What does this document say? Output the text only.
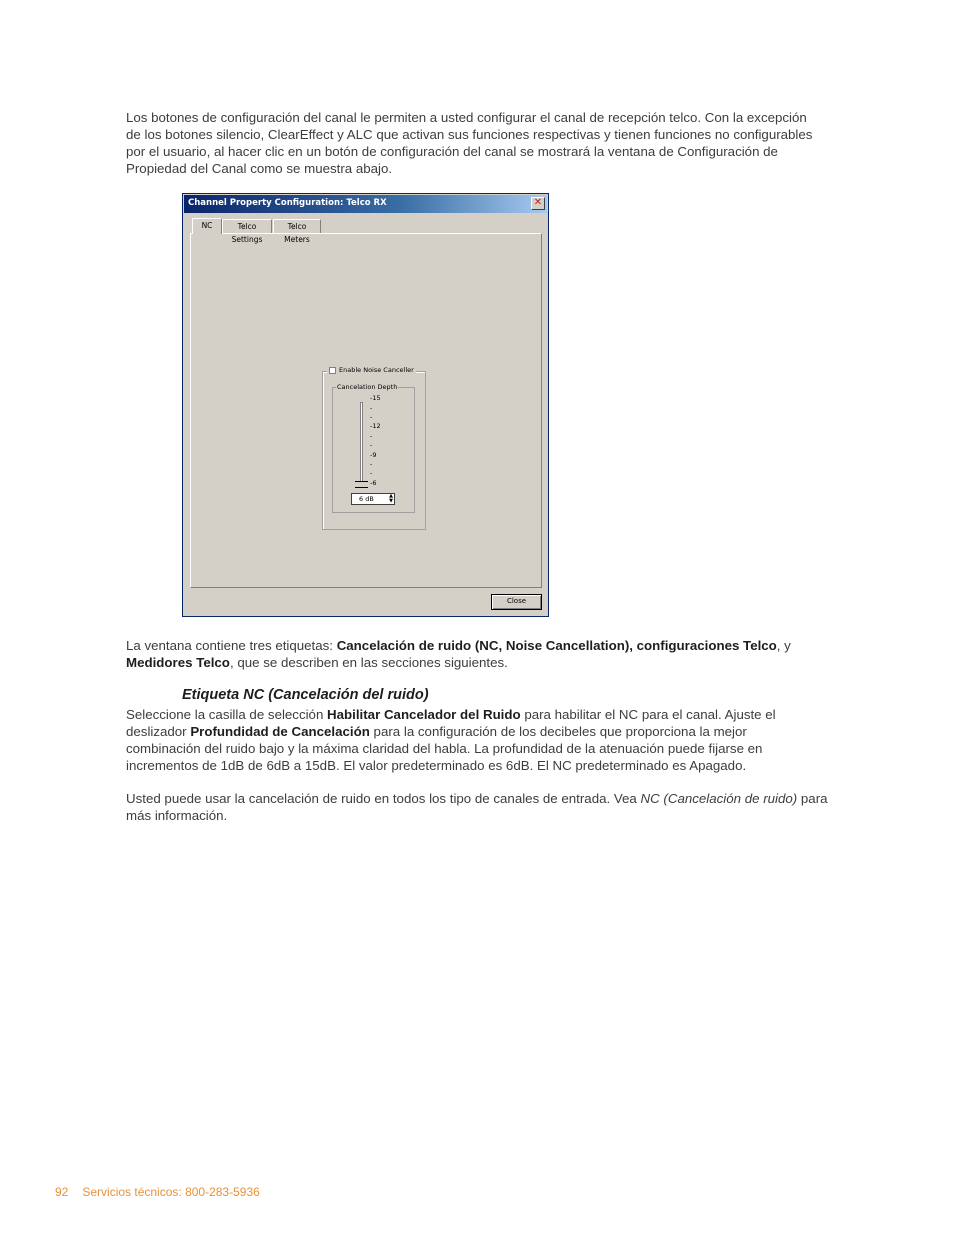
Los botones de configuración del canal le permiten a usted configurar el canal de recepción telco. Con la excepción de los botones silencio, ClearEffect y ALC que activan sus funciones respectivas y tienen funciones no configurables por el usuario, al hacer clic en un botón de configuración del canal se mostrará la ventana de Configuración de Propiedad del Canal como se muestra abajo.
Channel Property Configuration: Telco RX	✕
NC	Telco Settings
Telco Meters
Enable Noise Canceller
Cancelation Depth
-15
-
-
-12
-
-
-9
-
-
-6
6 dB	▲
▼
Close
La ventana contiene tres etiquetas: Cancelación de ruido (NC, Noise Cancellation), configuraciones Telco, y Medidores Telco, que se describen en las secciones siguientes.
Etiqueta NC (Cancelación del ruido)
Seleccione la casilla de selección Habilitar Cancelador del Ruido para habilitar el NC para el canal. Ajuste el deslizador Profundidad de Cancelación para la configuración de los decibeles que proporciona la mejor combinación del ruido bajo y la máxima claridad del habla. La profundidad de la atenuación puede fijarse en incrementos de 1dB de 6dB a 15dB. El valor predeterminado es 6dB. El NC predeterminado es Apagado.
Usted puede usar la cancelación de ruido en todos los tipo de canales de entrada. Vea NC (Cancelación de ruido) para más información.
92 Servicios técnicos: 800-283-5936
